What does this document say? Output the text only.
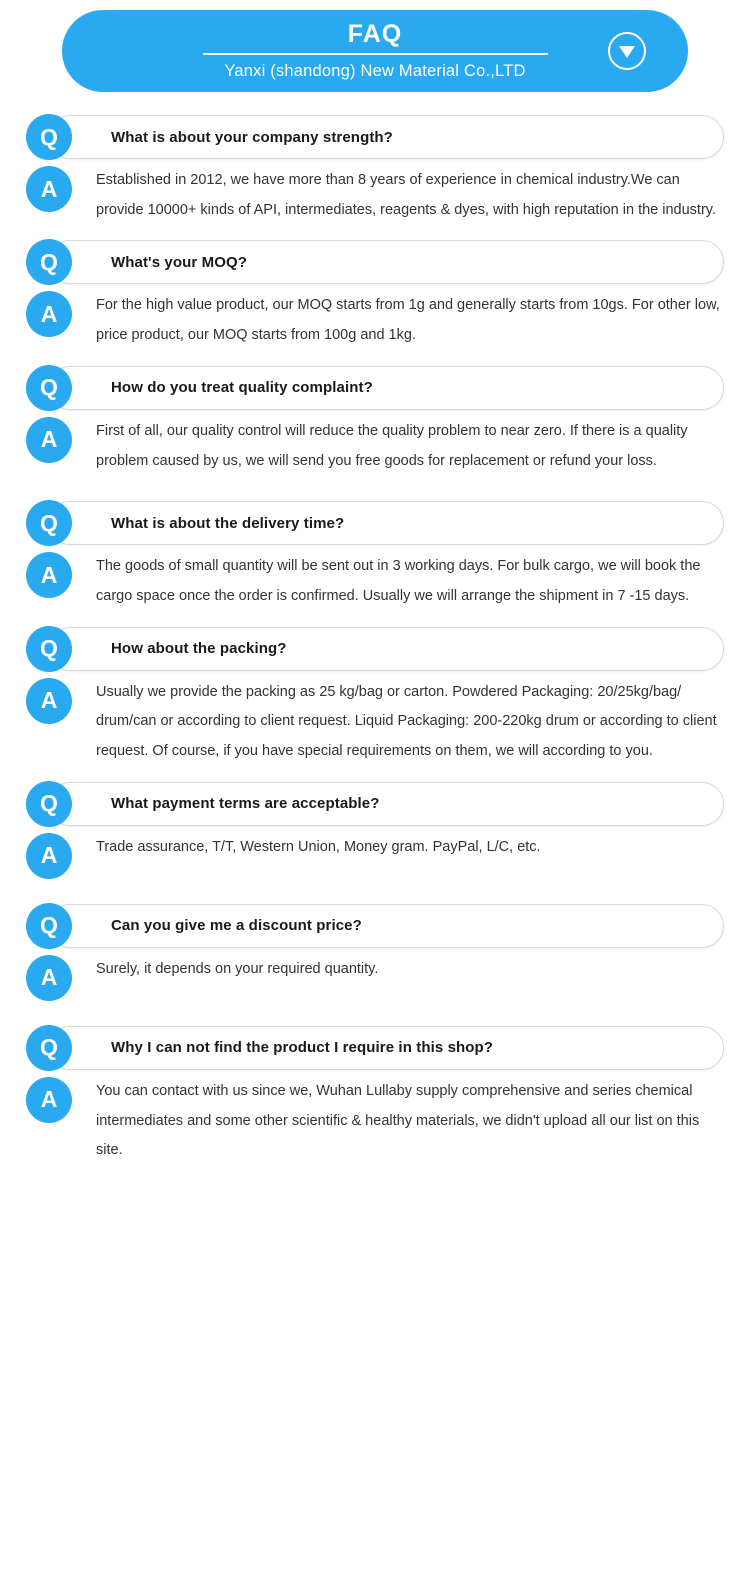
FAQ
Yanxi (shandong) New Material Co.,LTD
Q	What is about your company strength?
A	Established in 2012, we have more than 8 years of experience in chemical industry.We can provide 10000+ kinds of API, intermediates, reagents & dyes, with high reputation in the industry.
Q	What's your MOQ?
A	For the high value product, our MOQ starts from 1g and generally starts from 10gs. For other low, price product, our MOQ starts from 100g and 1kg.
Q	How do you treat quality complaint?
A	First of all, our quality control will reduce the quality problem to near zero. If there is a quality problem caused by us, we will send you free goods for replacement or refund your loss.
Q	What is about the delivery time?
A	The goods of small quantity will be sent out in 3 working days. For bulk cargo, we will book the cargo space once the order is confirmed. Usually we will arrange the shipment in 7 -15 days.
Q	How about the packing?
A	Usually we provide the packing as 25 kg/bag or carton. Powdered Packaging: 20/25kg/bag/ drum/can or according to client request. Liquid Packaging: 200-220kg drum or according to client request. Of course, if you have special requirements on them, we will according to you.
Q	What payment terms are acceptable?
A	Trade assurance, T/T, Western Union, Money gram. PayPal, L/C, etc.
Q	Can you give me a discount price?
A	Surely, it depends on your required quantity.
Q	Why I can not find the product I require in this shop?
A	You can contact with us since we, Wuhan Lullaby supply comprehensive and series chemical intermediates and some other scientific & healthy materials, we didn't upload all our list on this site.
